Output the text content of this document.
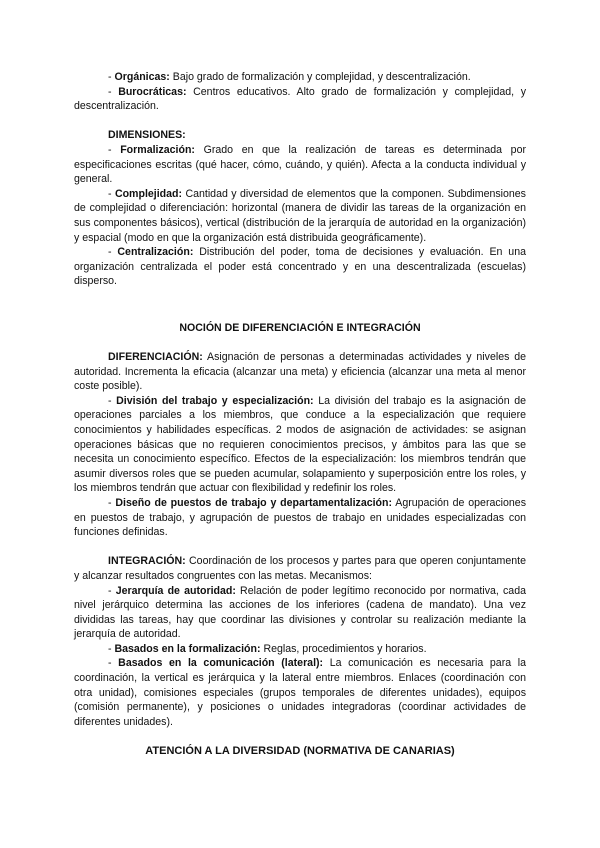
- Orgánicas: Bajo grado de formalización y complejidad, y descentralización.

- Burocráticas: Centros educativos. Alto grado de formalización y complejidad, y descentralización.

DIMENSIONES:

- Formalización: Grado en que la realización de tareas es determinada por especificaciones escritas (qué hacer, cómo, cuándo, y quién). Afecta a la conducta individual y general.

- Complejidad: Cantidad y diversidad de elementos que la componen. Subdimensiones de complejidad o diferenciación: horizontal (manera de dividir las tareas de la organización en sus componentes básicos), vertical (distribución de la jerarquía de autoridad en la organización) y espacial (modo en que la organización está distribuida geográficamente).

- Centralización: Distribución del poder, toma de decisiones y evaluación. En una organización centralizada el poder está concentrado y en una descentralizada (escuelas) disperso.

NOCIÓN DE DIFERENCIACIÓN E INTEGRACIÓN

DIFERENCIACIÓN: Asignación de personas a determinadas actividades y niveles de autoridad. Incrementa la eficacia (alcanzar una meta) y eficiencia (alcanzar una meta al menor coste posible).

- División del trabajo y especialización: La división del trabajo es la asignación de operaciones parciales a los miembros, que conduce a la especialización que requiere conocimientos y habilidades específicas. 2 modos de asignación de actividades: se asignan operaciones básicas que no requieren conocimientos precisos, y ámbitos para las que se necesita un conocimiento específico. Efectos de la especialización: los miembros tendrán que asumir diversos roles que se pueden acumular, solapamiento y superposición entre los roles, y los miembros tendrán que actuar con flexibilidad y redefinir los roles.

- Diseño de puestos de trabajo y departamentalización: Agrupación de operaciones en puestos de trabajo, y agrupación de puestos de trabajo en unidades especializadas con funciones definidas.

INTEGRACIÓN: Coordinación de los procesos y partes para que operen conjuntamente y alcanzar resultados congruentes con las metas. Mecanismos:

- Jerarquía de autoridad: Relación de poder legítimo reconocido por normativa, cada nivel jerárquico determina las acciones de los inferiores (cadena de mandato). Una vez divididas las tareas, hay que coordinar las divisiones y controlar su realización mediante la jerarquía de autoridad.

- Basados en la formalización: Reglas, procedimientos y horarios.

- Basados en la comunicación (lateral): La comunicación es necesaria para la coordinación, la vertical es jerárquica y la lateral entre miembros. Enlaces (coordinación con otra unidad), comisiones especiales (grupos temporales de diferentes unidades), equipos (comisión permanente), y posiciones o unidades integradoras (coordinar actividades de diferentes unidades).

ATENCIÓN A LA DIVERSIDAD (NORMATIVA DE CANARIAS)
